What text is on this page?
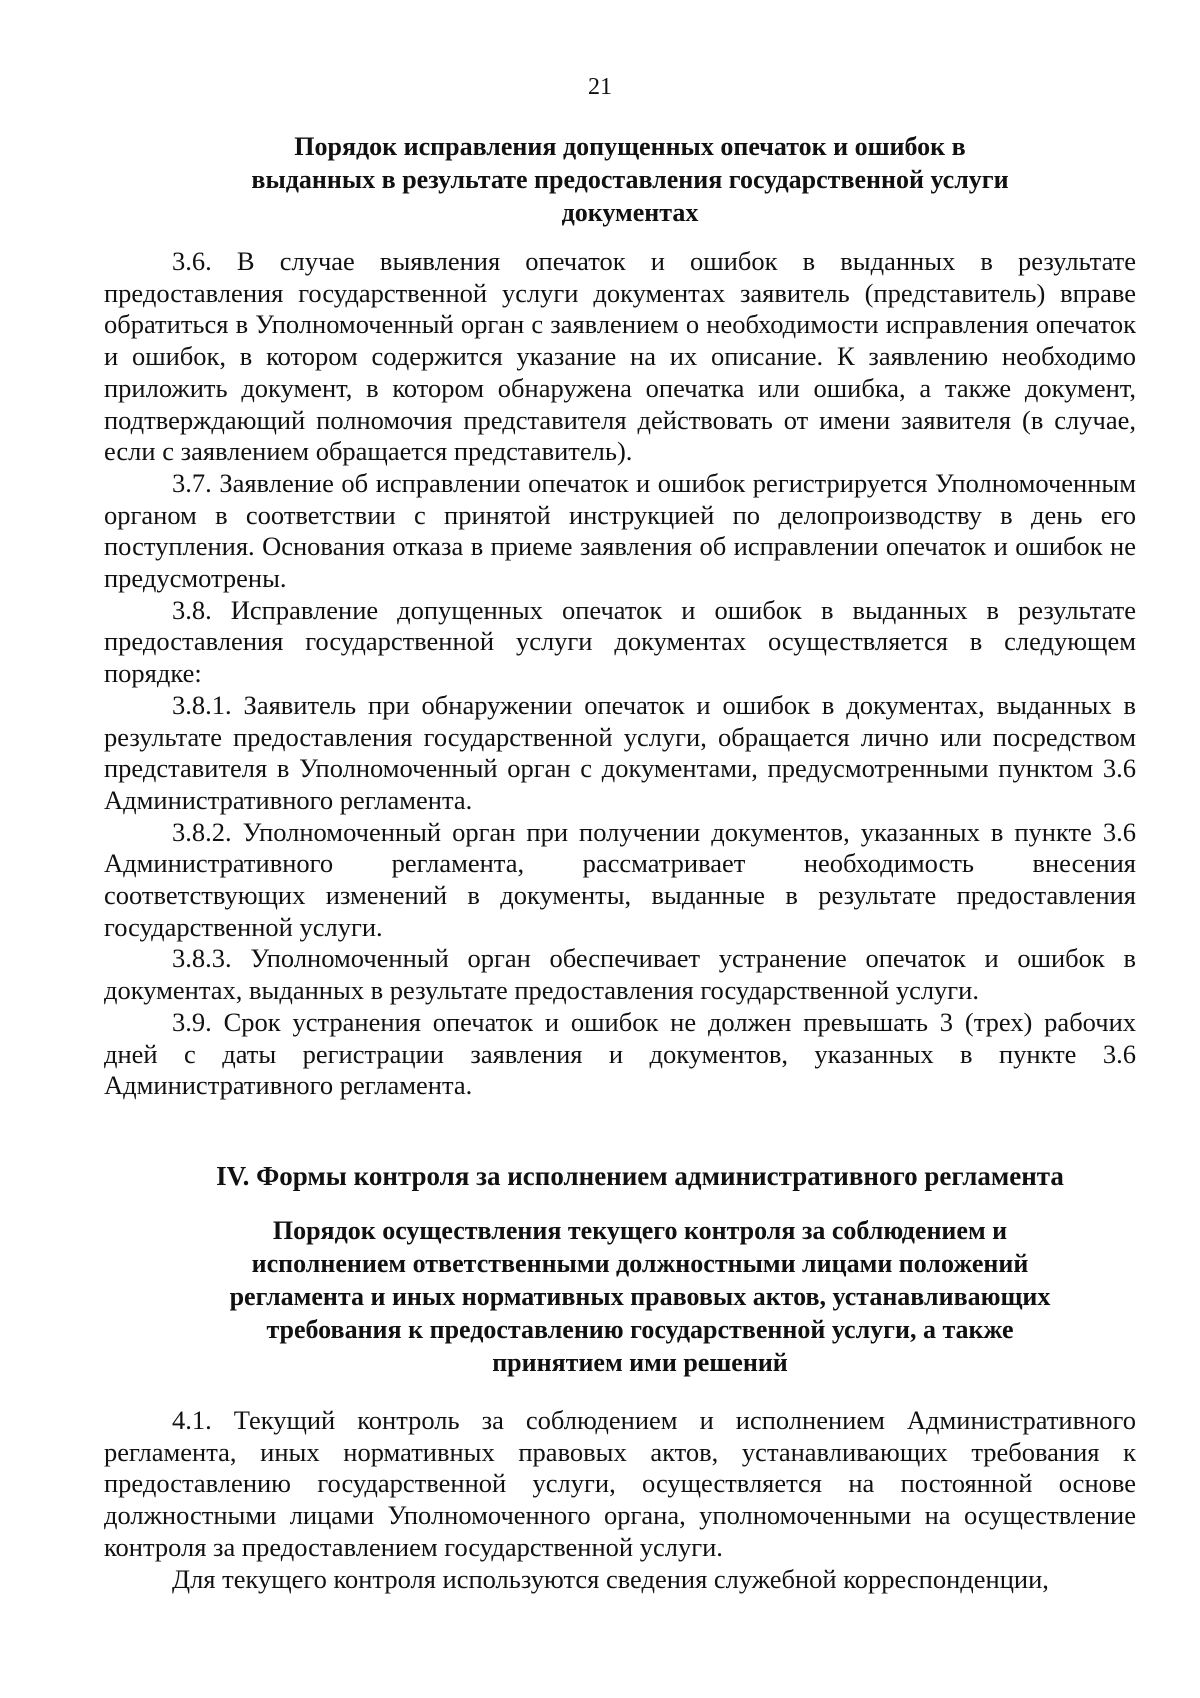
21
Порядок исправления допущенных опечаток и ошибок в выданных в результате предоставления государственной услуги документах

3.6. В случае выявления опечаток и ошибок в выданных в результате предоставления государственной услуги документах заявитель (представитель) вправе обратиться в Уполномоченный орган с заявлением о необходимости исправления опечаток и ошибок, в котором содержится указание на их описание. К заявлению необходимо приложить документ, в котором обнаружена опечатка или ошибка, а также документ, подтверждающий полномочия представителя действовать от имени заявителя (в случае, если с заявлением обращается представитель).

3.7. Заявление об исправлении опечаток и ошибок регистрируется Уполномоченным органом в соответствии с принятой инструкцией по делопроизводству в день его поступления. Основания отказа в приеме заявления об исправлении опечаток и ошибок не предусмотрены.

3.8. Исправление допущенных опечаток и ошибок в выданных в результате предоставления государственной услуги документах осуществляется в следующем порядке:

3.8.1. Заявитель при обнаружении опечаток и ошибок в документах, выданных в результате предоставления государственной услуги, обращается лично или посредством представителя в Уполномоченный орган с документами, предусмотренными пунктом 3.6 Административного регламента.

3.8.2. Уполномоченный орган при получении документов, указанных в пункте 3.6 Административного регламента, рассматривает необходимость внесения соответствующих изменений в документы, выданные в результате предоставления государственной услуги.

3.8.3. Уполномоченный орган обеспечивает устранение опечаток и ошибок в документах, выданных в результате предоставления государственной услуги.

3.9. Срок устранения опечаток и ошибок не должен превышать 3 (трех) рабочих дней с даты регистрации заявления и документов, указанных в пункте 3.6 Административного регламента.

IV. Формы контроля за исполнением административного регламента
Порядок осуществления текущего контроля за соблюдением и исполнением ответственными должностными лицами положений регламента и иных нормативных правовых актов, устанавливающих требования к предоставлению государственной услуги, а также принятием ими решений

4.1. Текущий контроль за соблюдением и исполнением Административного регламента, иных нормативных правовых актов, устанавливающих требования к предоставлению государственной услуги, осуществляется на постоянной основе должностными лицами Уполномоченного органа, уполномоченными на осуществление контроля за предоставлением государственной услуги.

Для текущего контроля используются сведения служебной корреспонденции,
